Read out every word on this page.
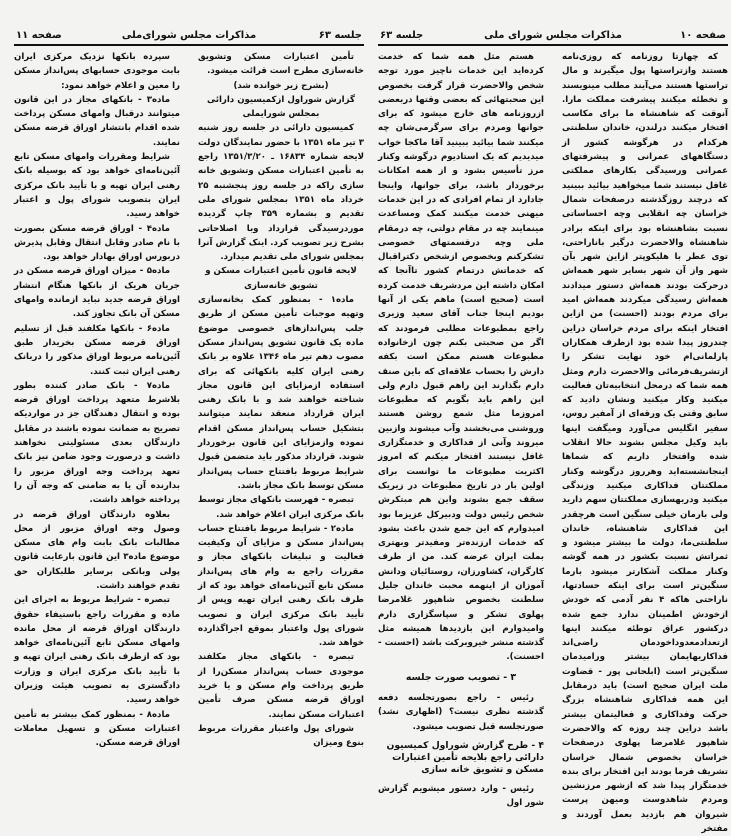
جلسه ۶۳
مذاکرات مجلس شورای‌ملی
صفحه ۱۱

تأمین اعتبارات مسکن وتشویق خانه‌سازی مطرح است قرائت میشود.

(بشرح زیر خوانده شد)

گزارش شوراول ازکمیسیون دارائی

بمجلس شورایملی

کمیسیون دارائی در جلسه روز شنبه ۳ تیر ماه ۱۳۵۱ با حضور نمایندگان دولت لایحه شماره ۱۶۸۳۴ ـ ۱۳۵۱/۳/۲۰ راجع به تأمین اعتبارات مسکن وتشویق خانه سازی راکه در جلسه روز پنجشنبه ۲۵ خرداد ماه ۱۳۵۱ بمجلس شورای ملی تقدیم و بشماره ۳۵۹ چاپ گردیده موردرسیدگی قرارداد وبا اصلاحاتی بشرح زیر تصویب کرد. اینک گزارش آنرا بمجلس شورای ملی تقدیم میدارد.

لایحه قانون تأمین اعتبارات مسکن و تشویق خانه‌سازی

ماده۱ - بمنظور کمک بخانه‌سازی وتهیه موجبات تأمین مسکن از طریق جلب پس‌اندازهای خصوصی موضوع ماده یک قانون تشویق پس‌انداز مسکن مصوب دهم تیر ماه ۱۳۴۶ علاوه بر بانک رهنی ایران کلیه بانکهائی که برای استفاده ازمزایای این قانون مجاز شناخته خواهند شد و با بانک رهنی ایران قرارداد منعقد نمایند میتوانند بتشکیل حساب پس‌انداز مسکن اقدام نموده وازمزایای این قانون برخوردار شوند. قرارداد مذکور باید متضمن قبول شرایط مربوط بافتتاح حساب پس‌انداز مسکن توسط بانک مجاز باشد.

تبصره - فهرست بانکهای مجاز توسط بانک مرکزی ایران اعلام خواهد شد.

ماده۲ - شرایط مربوط بافتتاح حساب پس‌انداز مسکن و مزایای آن وکیفیت فعالیت و تبلیغات بانکهای مجاز و مقررات راجع به وام های پس‌انداز مسکن تابع آئین‌نامه‌ای خواهد بود که از طرف بانک رهنی ایران تهیه وپس از تأیید بانک مرکزی ایران و تصویب شورای پول واعتبار بموقع اجراگذارده خواهد شد.

تبصره - بانکهای مجاز مکلفند موجودی حساب پس‌انداز مسکن‌را از طریق پرداخت وام مسکن و یا خرید اوراق قرضه مسکن صرف تأمین اعتبارات مسکن نمایند.

شورای پول واعتبار مقررات مربوط بنوع ومیزان

سپرده بانکها نزدیک مرکزی ایران بابت موجودی حسابهای پس‌انداز مسکن را معین و اعلام خواهد نمود:

ماده۳ - بانکهای مجاز در این قانون میتوانند درقبال وامهای مسکن پرداخت شده اقدام بانتشار اوراق قرضه مسکن نمایند.

شرایط ومقررات وامهای مسکن تابع آئین‌نامه‌ای خواهد بود که بوسیله بانک رهنی ایران تهیه و با تأیید بانک مرکزی ایران بتصویب شورای پول و اعتبار خواهد رسید.

ماده۴ - اوراق قرضه مسکن بصورت با نام صادر وقابل انتقال وقابل پذیرش دربورس اوراق بهادار خواهد بود.

ماده۵ - میزان اوراق قرضه مسکن در جریان هریک از بانکها هنگام انتشار اوراق قرضه جدید نباید ازمانده وامهای مسکن آن بانک تجاوز کند.

ماده۶ - بانکها مکلفند قبل از تسلیم اوراق قرضه مسکن بخریدار طبق آئین‌نامه مربوط اوراق مذکور را دربانک رهنی ایران ثبت کنند.

ماده۷ - بانک صادر کننده بطور بلاشرط متعهد پرداخت اوراق قرضه بوده و انتقال دهندگان جز در مواردیکه تصریح به ضمانت نموده باشند در مقابل دارندگان بعدی مسئولیتی نخواهند داشت و درصورت وجود ضامن نیز بانک تعهد پرداخت وجه اوراق مزبور را بدارنده آن یا به ضامنی که وجه آن را پرداخته خواهد داشت.

بعلاوه دارندگان اوراق قرضه در وصول وجه اوراق مزبور از محل مطالبات بانک بابت وام های مسکن موضوع ماده۳ این قانون بارعایت قانون پولی وبانکی برسایر طلبکاران حق تقدم خواهند داشت.

تبصره - شرایط مربوط به اجرای این ماده و مقررات راجع باستیفاء حقوق دارندگان اوراق قرضه از محل مانده وامهای مسکن تابع آئین‌نامه‌ای خواهد بود که ازطرف بانک رهنی ایران تهیه و با تأیید بانک مرکزی ایران و وزارت دادگستری به تصویب هیئت وزیران خواهد رسید.

ماده۸ - بمنظور کمک بیشتر به تأمین اعتبارات مسکن و تسهیل معاملات اوراق قرضه مسکن.

صفحه ۱۰
مذاکرات مجلس شورای ملی
جلسه ۶۳

که چهارتا روزنامه که روزی‌نامه هستند وازتراستها پول میگیرند و مال تراستها هستند می‌آیند مطلب مینویسند و تخطئه میکنند پیشرفت مملکت مارا. آنوقت که شاهنشاه ما برای مکاسب افتخار میکنند درلندن، خاندان سلطنتی هرکدام در هرگوشه کشور از دستگاههای عمرانی و پیشرفتهای عمرانی ورسیدگی بکارهای مملکتی غافل نیستند شما میخواهید بیائید ببینید که درچند روزگذشته درصفحات شمال خراسان چه انقلابی وچه احساساتی نسبت بشاهنشاه بود برای اینکه برادر شاهنشاه والاحضرت درگیر باناراحتی، توی عطر با هلیکوپتر ازاین شهر بآن شهر واز آن شهر بسایر شهر همه‌اش درحرکت بودند همه‌اش دستور میدادند همه‌اش رسیدگی میکردند همه‌اش امید برای مردم بودند (احسنت) من ازاین افتخار اینکه برای مردم خراسان دراین چندروز پیدا شده بود ازطرف همکاران پارلمانی‌ام خود نهایت تشکر را ازتشریف‌فرمائی والاحضرت دارم ومثل همه شما که درمحل انتخابیه‌تان فعالیت میکنید وکار میکنید ونشان دادید که سابق وقتی یک ورقه‌ای از آمفیر روس، سفیر انگلیس می‌آورد ومیگفت اینها باید وکیل مجلس بشوند حالا انقلاب شده وافتخار داریم که شماها اینجانشسته‌اید وهرروز درگوشه وکنار مملکتتان فداکاری میکنید وزندگی میکنید ودربهسازی مملکتتان سهم دارید ولی بارمان خیلی سنگین است هرچقدر این فداکاری شاهنشاه، خاندان سلطنتی‌ما، دولت ما بیشتر میشود و ثمراتش نسبت بکشور در همه گوشه وکنار مملکت آشکارتر میشود بارما سنگین‌تر است برای اینکه حسادتها، ناراحتی هاکه ۴ نفر آدمی که خودش ازخودش اطمینان ندارد جمع شده درکشور عراق توطئه میکنند اینها ازتعدادمعدوداخودمان راضی‌اند فداکاریهایمان بیشتر ورامیدمان سنگین‌تر است (ابلحانی پور - قضاوت ملت ایران صحیح است) باید درمقابل این همه فداکاری شاهنشاه بزرگ حرکت وفداکاری و فعالیتمان بیشتر باشد دراین چند روزه که والاحضرت شاهپور غلامرضا پهلوی درصفحات خراسان بخصوص شمال خراسان تشریف فرما بودند این افتخار برای بنده خدمتگزار پیدا شد که ازشهر مرزنشین ومردم شاهدوست ومیهن پرست شیروان هم بازدید بعمل آوردند و مفتخر

هستم مثل همه شما که خدمت کرده‌اید این خدمات ناچیز مورد توجه شخص والاحضرت قرار گرفت بخصوص این صحبتهائی که بعضی وقتها دربعضی ازروزنامه های خارج میشود که برای جوانها ومردم برای سرگرمی‌شان چه میکنند شما بیائید ببینید آقا ماکجا خواب میدیدیم که یک استادیوم درگوشه وکنار مرز تأسیس بشود و از همه امکانات برخوردار باشد، برای جوانها، واینجا جادارد از تمام افرادی که در این خدمات میهنی خدمت میکنند کمک ومساعدت مینمایند چه در مقام دولتی، چه درمقام ملی وچه درقسمتهای خصوصی تشکرکنم وبخصوص ازشخص دکتراقبال که خدماتش درتمام کشور تاآنجا که امکان داشته این مردشریف خدمت کرده است (صحیح است) ماهم یکی از آنها بودیم اینجا جناب آقای سعید وزیری راجع بمطبوعات مطلبی فرمودند که اگر من صحبتی بکنم چون ازخانواده مطبوعات هستم ممکن است بکفه دارش را بحساب علاقه‌ای که باین صنف دارم بگذارند این راهم قبول دارم ولی این راهم باید بگویم که مطبوعات امروزما مثل شمع روشن هستند وروشنی می‌بخشند وآب میشوند وازبین میروند وآنی از فداکاری و خدمتگزاری غافل نیستند افتخار میکنم که امروز اکثریت مطبوعات ما توانست برای اولین بار در تاریخ مطبوعات در زیریک سقف جمع بشوند واین هم مبتکرش شخص رئیس دولت ودبیرکل عزیزما بود امیدوارم که این جمع شدن باعث بشود که خدمات ارزنده‌تر ومفیدتر وبهتری بملت ایران عرضه کند. من از طرف کارگران، کشاورزان، روستائیان ودانش آموزان از اینهمه محبت خاندان جلیل سلطنت بخصوص شاهپور غلامرضا پهلوی تشکر و سپاسگزاری دارم وامیدوارم این بازدیدها همیشه مثل گذشته منشر خیروبرکت باشد (احسنت - احسنت).

۳ - تصویب صورت جلسه

رئیس - راجع بصورتجلسه دفعه گذشته نظری نیست؟ (اظهاری نشد) صورتجلسه قبل تصویب میشود.

۴ - طرح گزارش شوراول کمیسیون دارائی راجع بلایحه تأمین اعتبارات مسکن و تشویق خانه سازی

رئیس - وارد دستور میشویم گزارش شور اول
